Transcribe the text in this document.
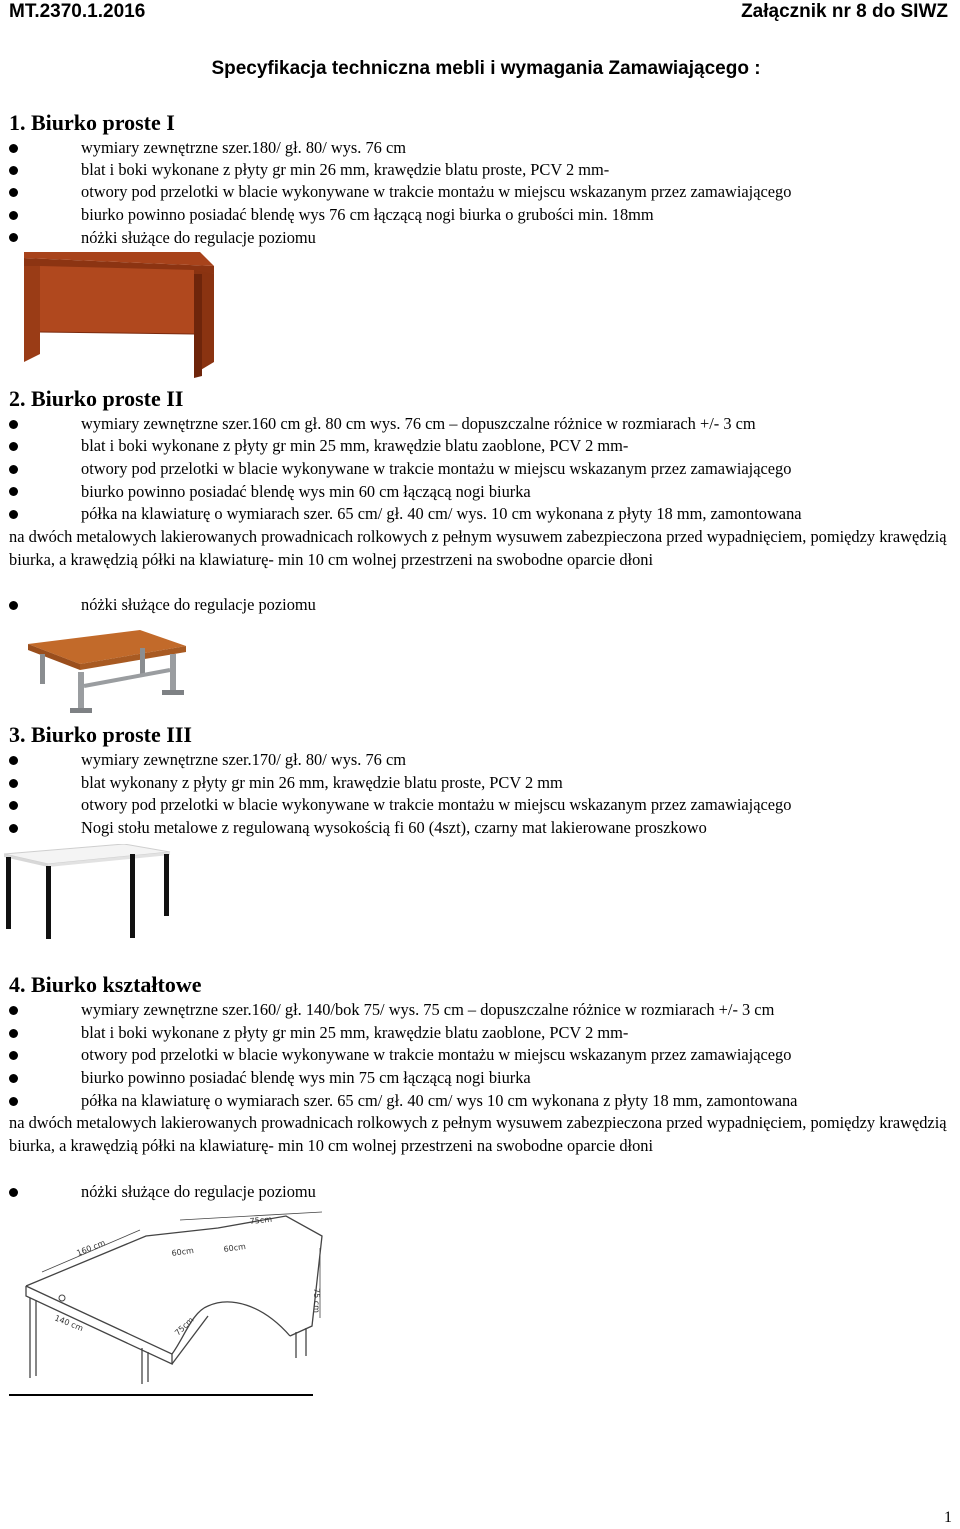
MT.2370.1.2016	Załącznik nr 8 do SIWZ
Specyfikacja techniczna mebli i wymagania Zamawiającego :
1. Biurko proste I
wymiary zewnętrzne szer.180/ gł. 80/ wys. 76 cm
blat i boki wykonane z płyty gr min 26 mm, krawędzie blatu proste, PCV 2 mm-
otwory pod przelotki w blacie wykonywane w trakcie montażu w miejscu wskazanym przez zamawiającego
biurko powinno posiadać blendę wys 76 cm łączącą nogi biurka o grubości min. 18mm
nóżki służące do regulacje poziomu
2. Biurko proste II
wymiary zewnętrzne szer.160 cm gł. 80 cm wys. 76 cm – dopuszczalne różnice w rozmiarach +/- 3 cm
blat i boki wykonane z płyty gr min 25 mm, krawędzie blatu zaoblone, PCV 2 mm-
otwory pod przelotki w blacie wykonywane w trakcie montażu w miejscu wskazanym przez zamawiającego
biurko powinno posiadać blendę wys min 60 cm łączącą nogi biurka
półka na klawiaturę o wymiarach szer. 65 cm/ gł. 40 cm/ wys. 10 cm wykonana z płyty 18 mm, zamontowana
na dwóch metalowych lakierowanych prowadnicach rolkowych z pełnym wysuwem zabezpieczona przed wypadnięciem, pomiędzy krawędzią biurka, a krawędzią półki na klawiaturę- min 10 cm wolnej przestrzeni na swobodne oparcie dłoni
nóżki służące do regulacje poziomu
3. Biurko proste III
wymiary zewnętrzne szer.170/ gł. 80/ wys. 76 cm
blat wykonany z płyty gr min 26 mm, krawędzie blatu proste, PCV 2 mm
otwory pod przelotki w blacie wykonywane w trakcie montażu w miejscu wskazanym przez zamawiającego
Nogi stołu metalowe z regulowaną wysokością fi 60 (4szt), czarny mat lakierowane proszkowo
4. Biurko kształtowe
wymiary zewnętrzne szer.160/ gł. 140/bok 75/ wys. 75 cm – dopuszczalne różnice w rozmiarach +/- 3 cm
blat i boki wykonane z płyty gr min 25 mm, krawędzie blatu zaoblone, PCV 2 mm-
otwory pod przelotki w blacie wykonywane w trakcie montażu w miejscu wskazanym przez zamawiającego
biurko powinno posiadać blendę wys min 75 cm łączącą nogi biurka
półka na klawiaturę o wymiarach szer. 65 cm/ gł. 40 cm/ wys 10 cm wykonana z płyty 18 mm, zamontowana
na dwóch metalowych lakierowanych prowadnicach rolkowych z pełnym wysuwem zabezpieczona przed wypadnięciem, pomiędzy krawędzią biurka, a krawędzią półki na klawiaturę- min 10 cm wolnej przestrzeni na swobodne oparcie dłoni
nóżki służące do regulacje poziomu
160 cm	60cm	60cm
75cm
140 cm	75cm
75 cm
1
